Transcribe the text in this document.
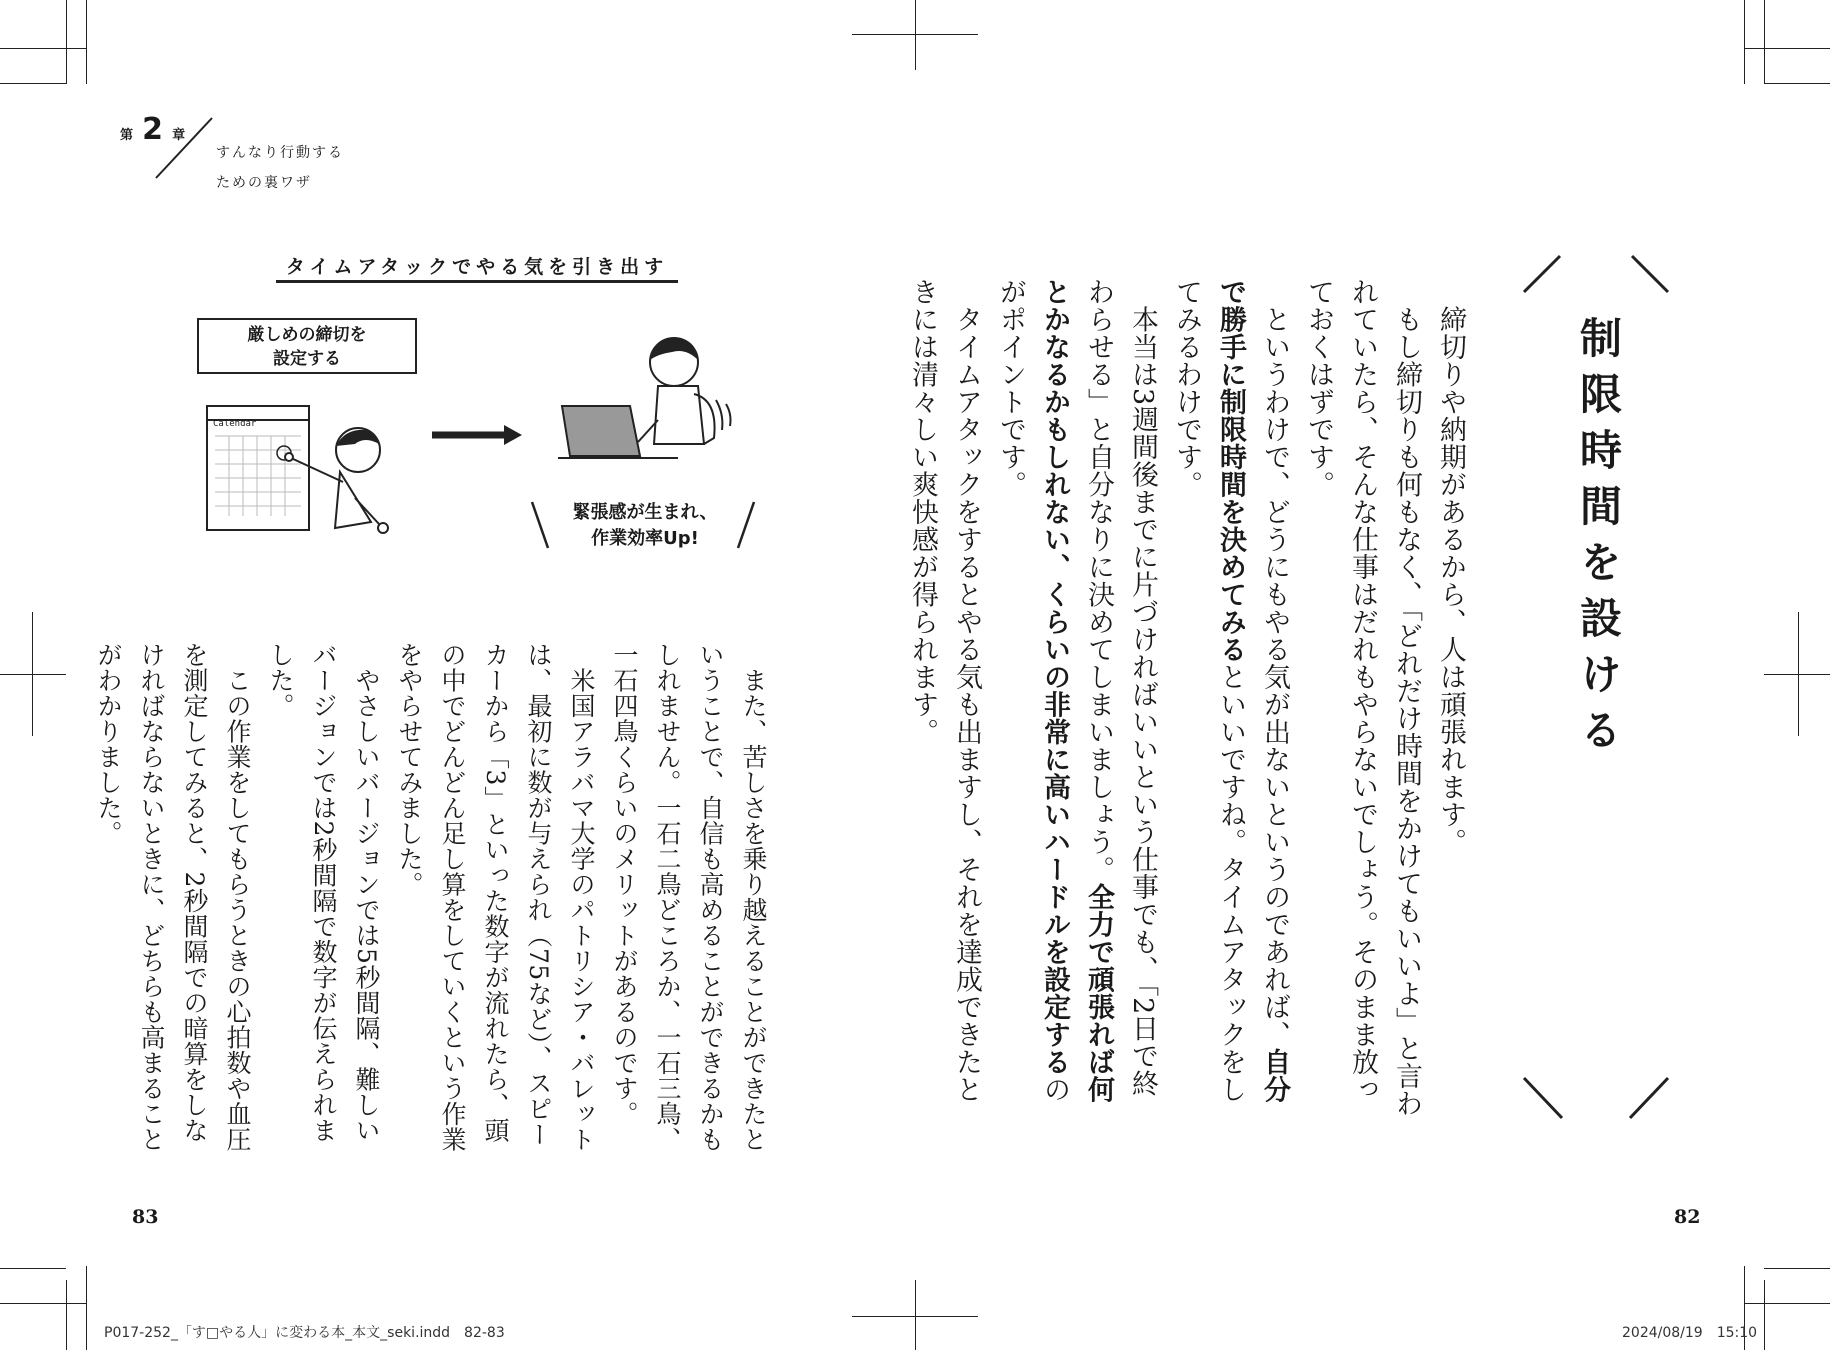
第 2 章
すんなり行動する
ための裏ワザ
制限時間を設ける
　締切りや納期があるから、人は頑張れます。
　もし締切りも何もなく、「どれだけ時間をかけてもいいよ」と言われていたら、そんな仕事はだれもやらないでしょう。そのまま放っておくはずです。
　というわけで、どうにもやる気が出ないというのであれば、自分で勝手に制限時間を決めてみるといいですね。タイムアタックをしてみるわけです。
　本当は3週間後までに片づければいいという仕事でも、「2日で終わらせる」と自分なりに決めてしまいましょう。全力で頑張れば何とかなるかもしれない、くらいの非常に高いハードルを設定するのがポイントです。
　タイムアタックをするとやる気も出ますし、それを達成できたときには清々しい爽快感が得られます。
82
タイムアタックでやる気を引き出す
厳しめの締切を
設定する
Calendar
緊張感が生まれ、
作業効率Up!
　また、苦しさを乗り越えることができたということで、自信も高めることができるかもしれません。一石二鳥どころか、一石三鳥、一石四鳥くらいのメリットがあるのです。
　米国アラバマ大学のパトリシア・バレットは、最初に数が与えられ（75など）、スピーカーから「3」といった数字が流れたら、頭の中でどんどん足し算をしていくという作業をやらせてみました。
　やさしいバージョンでは5秒間隔、難しいバージョンでは2秒間隔で数字が伝えられました。
　この作業をしてもらうときの心拍数や血圧を測定してみると、2秒間隔での暗算をしなければならないときに、どちらも高まることがわかりました。
83
P017-252_「す□やる人」に変わる本_本文_seki.indd　82-83	2024/08/19　15:10
